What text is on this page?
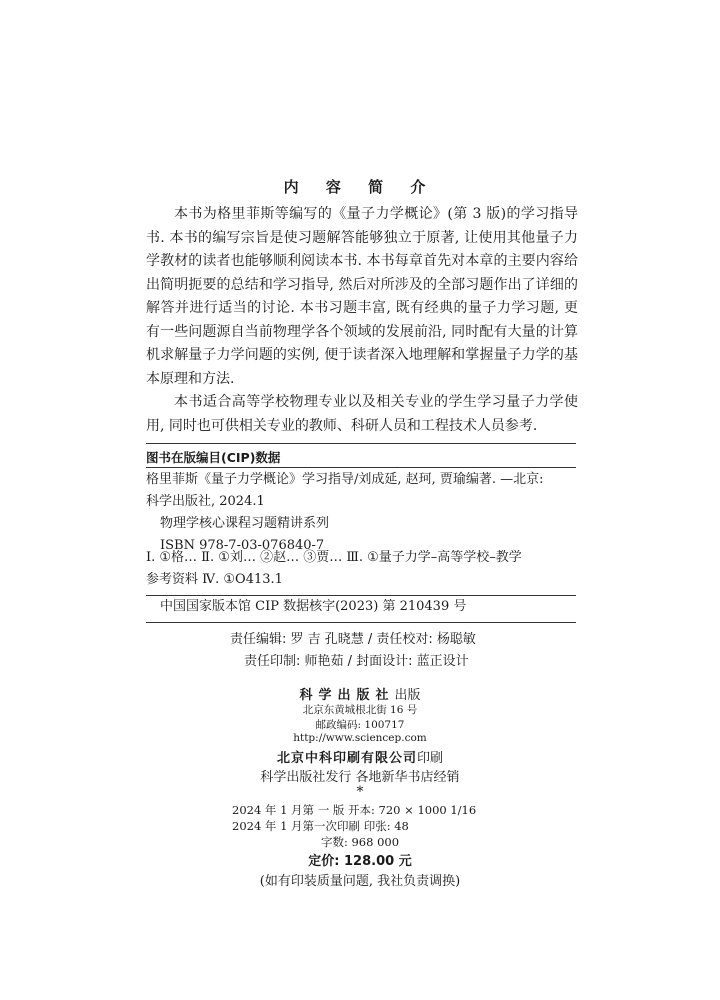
内 容 简 介

本书为格里菲斯等编写的《量子力学概论》(第 3 版)的学习指导书. 本书的编写宗旨是使习题解答能够独立于原著, 让使用其他量子力学教材的读者也能够顺利阅读本书. 本书每章首先对本章的主要内容给出简明扼要的总结和学习指导, 然后对所涉及的全部习题作出了详细的解答并进行适当的讨论. 本书习题丰富, 既有经典的量子力学习题, 更有一些问题源自当前物理学各个领域的发展前沿, 同时配有大量的计算机求解量子力学问题的实例, 便于读者深入地理解和掌握量子力学的基本原理和方法.

本书适合高等学校物理专业以及相关专业的学生学习量子力学使用, 同时也可供相关专业的教师、科研人员和工程技术人员参考.

图书在版编目(CIP)数据
格里菲斯《量子力学概论》学习指导/刘成延, 赵珂, 贾瑜编著. —北京:
科学出版社, 2024.1
物理学核心课程习题精讲系列
ISBN 978-7-03-076840-7
Ⅰ. ①格… Ⅱ. ①刘… ②赵… ③贾… Ⅲ. ①量子力学–高等学校–教学
参考资料 Ⅳ. ①O413.1
中国国家版本馆 CIP 数据核字(2023) 第 210439 号
责任编辑: 罗 吉 孔晓慧 / 责任校对: 杨聪敏
责任印制: 师艳茹 / 封面设计: 蓝正设计
科学出版社出版
北京东黄城根北街 16 号
邮政编码: 100717
http://www.sciencep.com
北京中科印刷有限公司印刷
科学出版社发行 各地新华书店经销
*
2024 年 1 月第 一 版 开本: 720 × 1000 1/16
2024 年 1 月第一次印刷 印张: 48
字数: 968 000
定价: 128.00 元
(如有印装质量问题, 我社负责调换)
